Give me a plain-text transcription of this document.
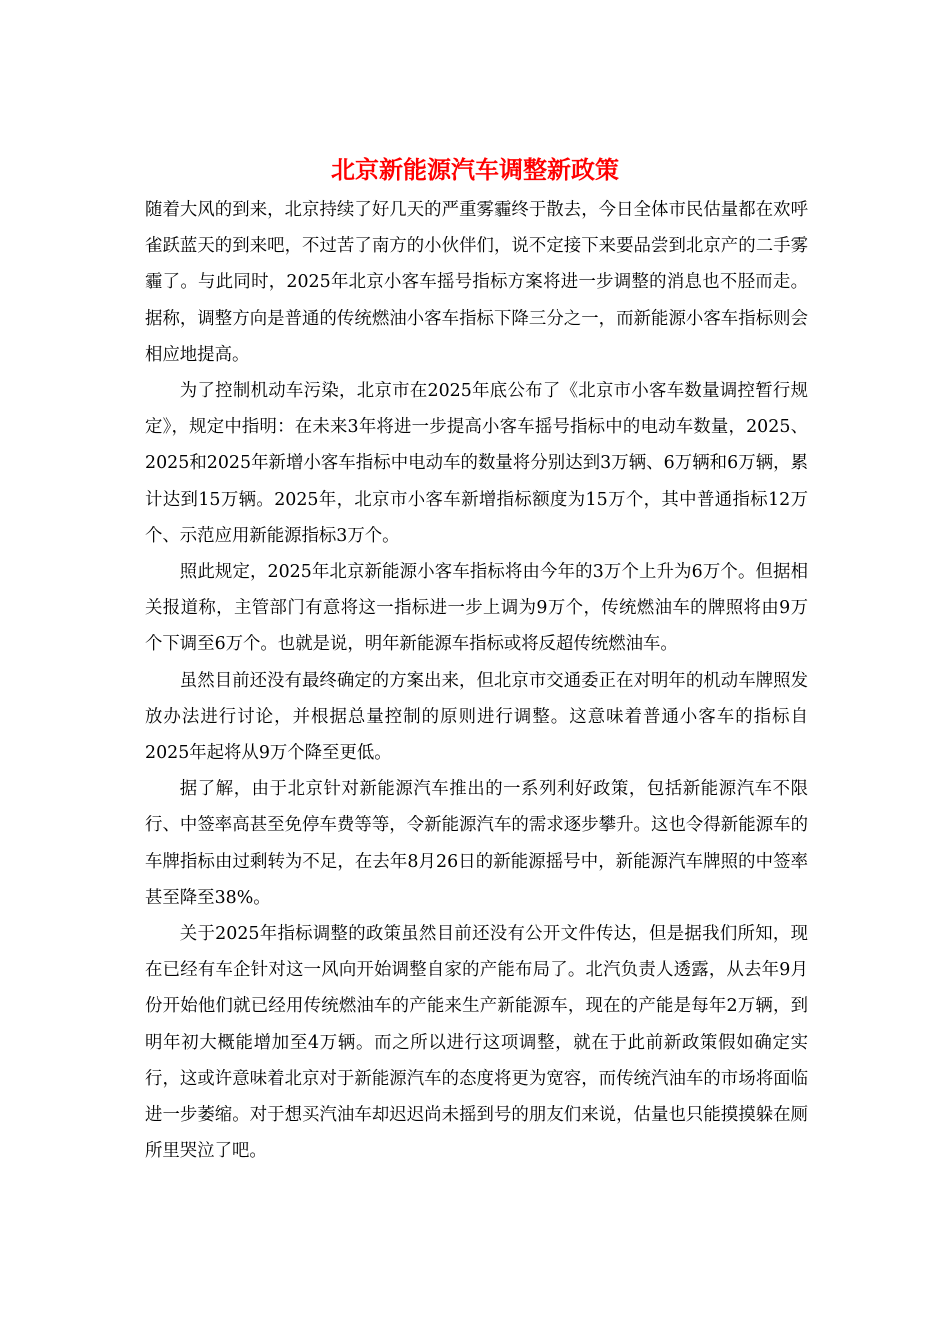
北京新能源汽车调整新政策

随着大风的到来，北京持续了好几天的严重雾霾终于散去，今日全体市民估量都在欢呼雀跃蓝天的到来吧，不过苦了南方的小伙伴们，说不定接下来要品尝到北京产的二手雾霾了。与此同时，2025年北京小客车摇号指标方案将进一步调整的消息也不胫而走。据称，调整方向是普通的传统燃油小客车指标下降三分之一，而新能源小客车指标则会相应地提高。

为了控制机动车污染，北京市在2025年底公布了《北京市小客车数量调控暂行规定》，规定中指明：在未来3年将进一步提高小客车摇号指标中的电动车数量，2025、2025和2025年新增小客车指标中电动车的数量将分别达到3万辆、6万辆和6万辆，累计达到15万辆。2025年，北京市小客车新增指标额度为15万个，其中普通指标12万个、示范应用新能源指标3万个。

照此规定，2025年北京新能源小客车指标将由今年的3万个上升为6万个。但据相关报道称，主管部门有意将这一指标进一步上调为9万个，传统燃油车的牌照将由9万个下调至6万个。也就是说，明年新能源车指标或将反超传统燃油车。

虽然目前还没有最终确定的方案出来，但北京市交通委正在对明年的机动车牌照发放办法进行讨论，并根据总量控制的原则进行调整。这意味着普通小客车的指标自2025年起将从9万个降至更低。

据了解，由于北京针对新能源汽车推出的一系列利好政策，包括新能源汽车不限行、中签率高甚至免停车费等等，令新能源汽车的需求逐步攀升。这也令得新能源车的车牌指标由过剩转为不足，在去年8月26日的新能源摇号中，新能源汽车牌照的中签率甚至降至38%。

关于2025年指标调整的政策虽然目前还没有公开文件传达，但是据我们所知，现在已经有车企针对这一风向开始调整自家的产能布局了。北汽负责人透露，从去年9月份开始他们就已经用传统燃油车的产能来生产新能源车，现在的产能是每年2万辆，到明年初大概能增加至4万辆。而之所以进行这项调整，就在于此前新政策假如确定实行，这或许意味着北京对于新能源汽车的态度将更为宽容，而传统汽油车的市场将面临进一步萎缩。对于想买汽油车却迟迟尚未摇到号的朋友们来说，估量也只能摸摸躲在厕所里哭泣了吧。
